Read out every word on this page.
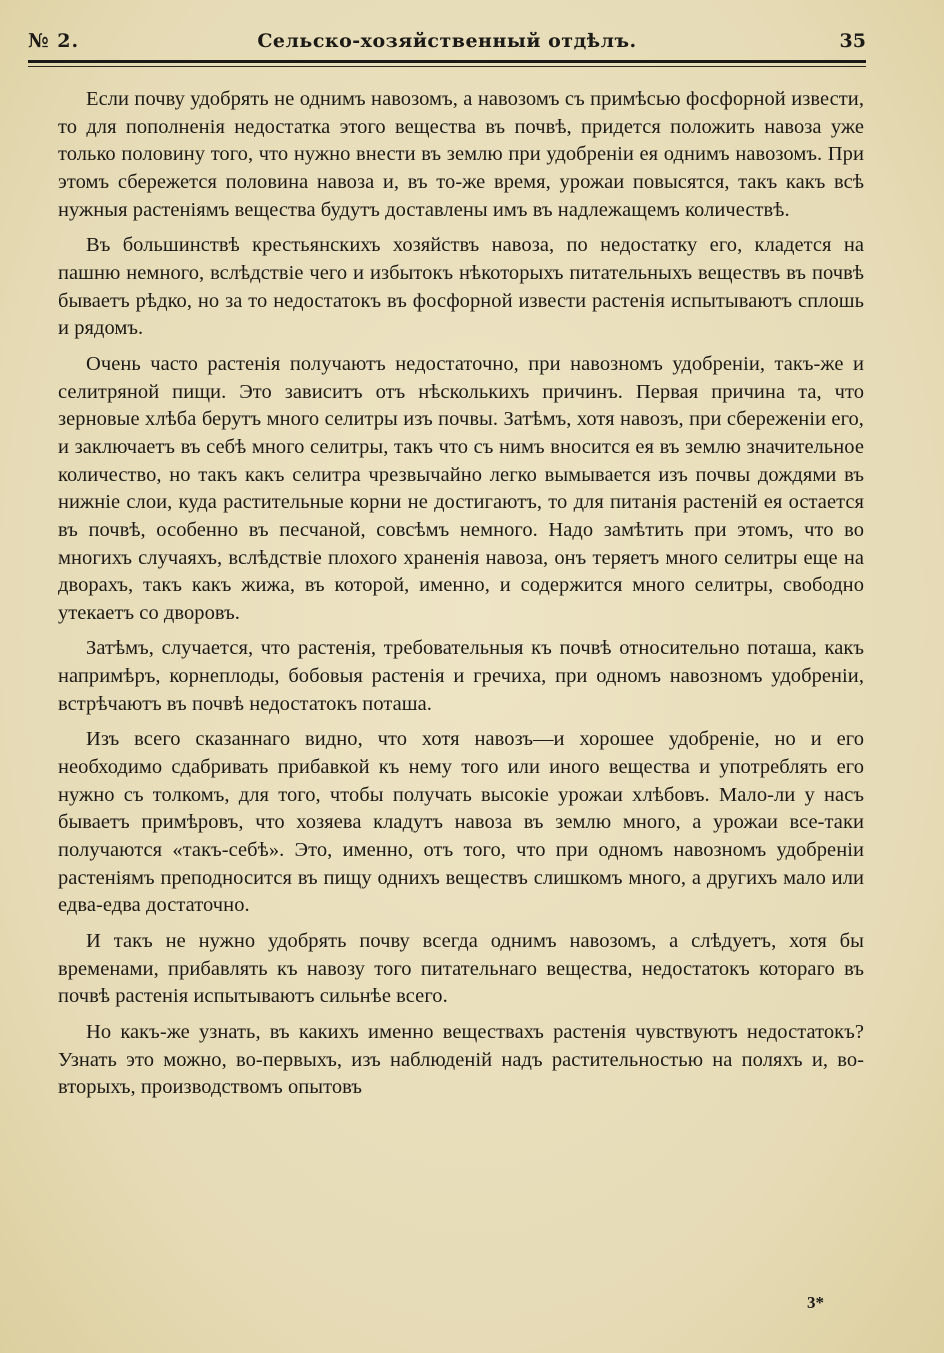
№ 2.	Сельско-хозяйственный отдѣлъ.	35

Если почву удобрять не однимъ навозомъ, а навозомъ съ примѣсью фосфорной извести, то для пополненія недостатка этого вещества въ почвѣ, придется положить навоза уже только половину того, что нужно внести въ землю при удобреніи ея однимъ навозомъ. При этомъ сбережется половина навоза и, въ то-же время, урожаи повысятся, такъ какъ всѣ нужныя растеніямъ вещества будутъ доставлены имъ въ надлежащемъ количествѣ.

Въ большинствѣ крестьянскихъ хозяйствъ навоза, по недостатку его, кладется на пашню немного, вслѣдствіе чего и избытокъ нѣкоторыхъ питательныхъ веществъ въ почвѣ бываетъ рѣдко, но за то недостатокъ въ фосфорной извести растенія испытываютъ сплошь и рядомъ.

Очень часто растенія получаютъ недостаточно, при навозномъ удобреніи, такъ-же и селитряной пищи. Это зависитъ отъ нѣсколькихъ причинъ. Первая причина та, что зерновые хлѣба берутъ много селитры изъ почвы. Затѣмъ, хотя навозъ, при сбереженіи его, и заключаетъ въ себѣ много селитры, такъ что съ нимъ вносится ея въ землю значительное количество, но такъ какъ селитра чрезвычайно легко вымывается изъ почвы дождями въ нижніе слои, куда растительные корни не достигаютъ, то для питанія растеній ея остается въ почвѣ, особенно въ песчаной, совсѣмъ немного. Надо замѣтить при этомъ, что во многихъ случаяхъ, вслѣдствіе плохого храненія навоза, онъ теряетъ много селитры еще на дворахъ, такъ какъ жижа, въ которой, именно, и содержится много селитры, свободно утекаетъ со дворовъ.

Затѣмъ, случается, что растенія, требовательныя къ почвѣ относительно поташа, какъ напримѣръ, корнеплоды, бобовыя растенія и гречиха, при одномъ навозномъ удобреніи, встрѣчаютъ въ почвѣ недостатокъ поташа.

Изъ всего сказаннаго видно, что хотя навозъ—и хорошее удобреніе, но и его необходимо сдабривать прибавкой къ нему того или иного вещества и употреблять его нужно съ толкомъ, для того, чтобы получать высокіе урожаи хлѣбовъ. Мало-ли у насъ бываетъ примѣровъ, что хозяева кладутъ навоза въ землю много, а урожаи все-таки получаются «такъ-себѣ». Это, именно, отъ того, что при одномъ навозномъ удобреніи растеніямъ преподносится въ пищу однихъ веществъ слишкомъ много, а другихъ мало или едва-едва достаточно.

И такъ не нужно удобрять почву всегда однимъ навозомъ, а слѣдуетъ, хотя бы временами, прибавлять къ навозу того питательнаго вещества, недостатокъ котораго въ почвѣ растенія испытываютъ сильнѣе всего.

Но какъ-же узнать, въ какихъ именно веществахъ растенія чувствуютъ недостатокъ? Узнать это можно, во-первыхъ, изъ наблюденій надъ растительностью на поляхъ и, во-вторыхъ, производствомъ опытовъ

3*
